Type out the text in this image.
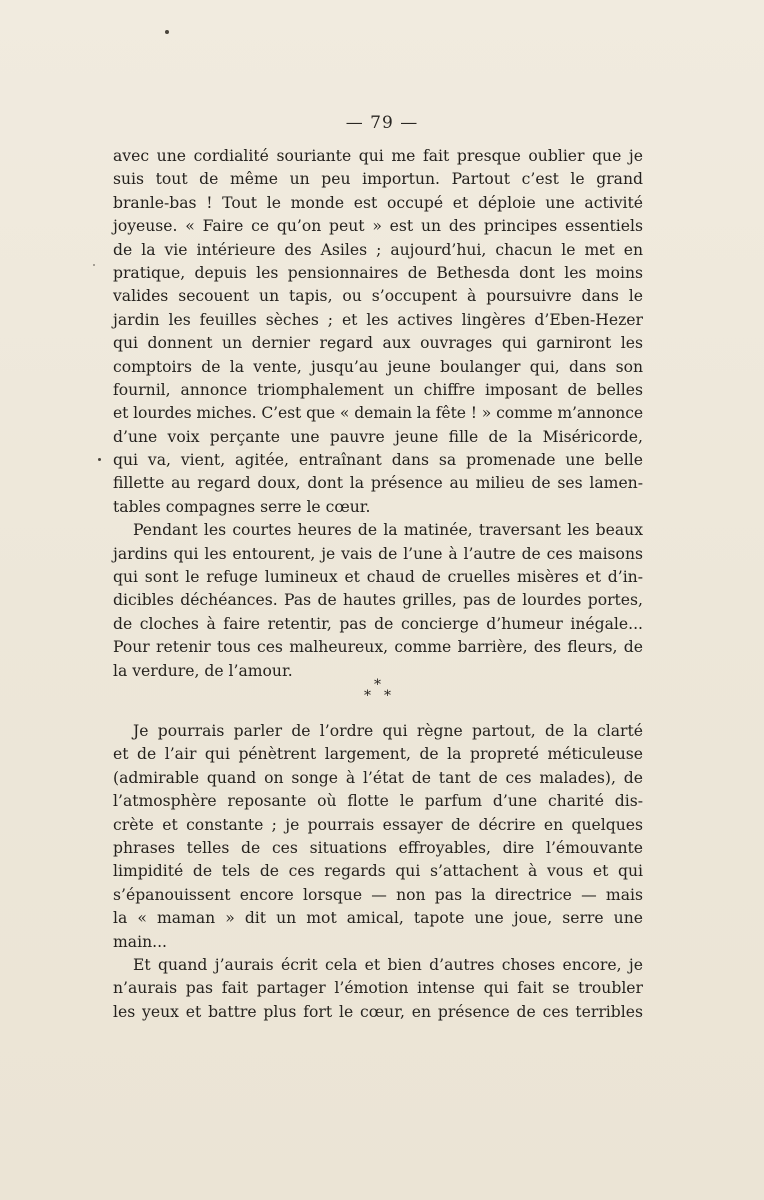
— 79 —
avec une cordialité souriante qui me fait presque oublier que je
suis tout de même un peu importun. Partout c’est le grand
branle-bas ! Tout le monde est occupé et déploie une activité
joyeuse. « Faire ce qu’on peut » est un des principes essentiels
de la vie intérieure des Asiles ; aujourd’hui, chacun le met en
pratique, depuis les pensionnaires de Bethesda dont les moins
valides secouent un tapis, ou s’occupent à poursuivre dans le
jardin les feuilles sèches ; et les actives lingères d’Eben-Hezer
qui donnent un dernier regard aux ouvrages qui garniront les
comptoirs de la vente, jusqu’au jeune boulanger qui, dans son
fournil, annonce triomphalement un chiffre imposant de belles
et lourdes miches. C’est que « demain la fête ! » comme m’annonce
d’une voix perçante une pauvre jeune fille de la Miséricorde,
qui va, vient, agitée, entraînant dans sa promenade une belle
fillette au regard doux, dont la présence au milieu de ses lamen-
tables compagnes serre le cœur.
Pendant les courtes heures de la matinée, traversant les beaux
jardins qui les entourent, je vais de l’une à l’autre de ces maisons
qui sont le refuge lumineux et chaud de cruelles misères et d’in-
dicibles déchéances. Pas de hautes grilles, pas de lourdes portes,
de cloches à faire retentir, pas de concierge d’humeur inégale...
Pour retenir tous ces malheureux, comme barrière, des fleurs, de
la verdure, de l’amour.
*
* *
Je pourrais parler de l’ordre qui règne partout, de la clarté
et de l’air qui pénètrent largement, de la propreté méticuleuse
(admirable quand on songe à l’état de tant de ces malades), de
l’atmosphère reposante où flotte le parfum d’une charité dis-
crète et constante ; je pourrais essayer de décrire en quelques
phrases telles de ces situations effroyables, dire l’émouvante
limpidité de tels de ces regards qui s’attachent à vous et qui
s’épanouissent encore lorsque — non pas la directrice — mais
la « maman » dit un mot amical, tapote une joue, serre une
main...
Et quand j’aurais écrit cela et bien d’autres choses encore, je
n’aurais pas fait partager l’émotion intense qui fait se troubler
les yeux et battre plus fort le cœur, en présence de ces terribles
